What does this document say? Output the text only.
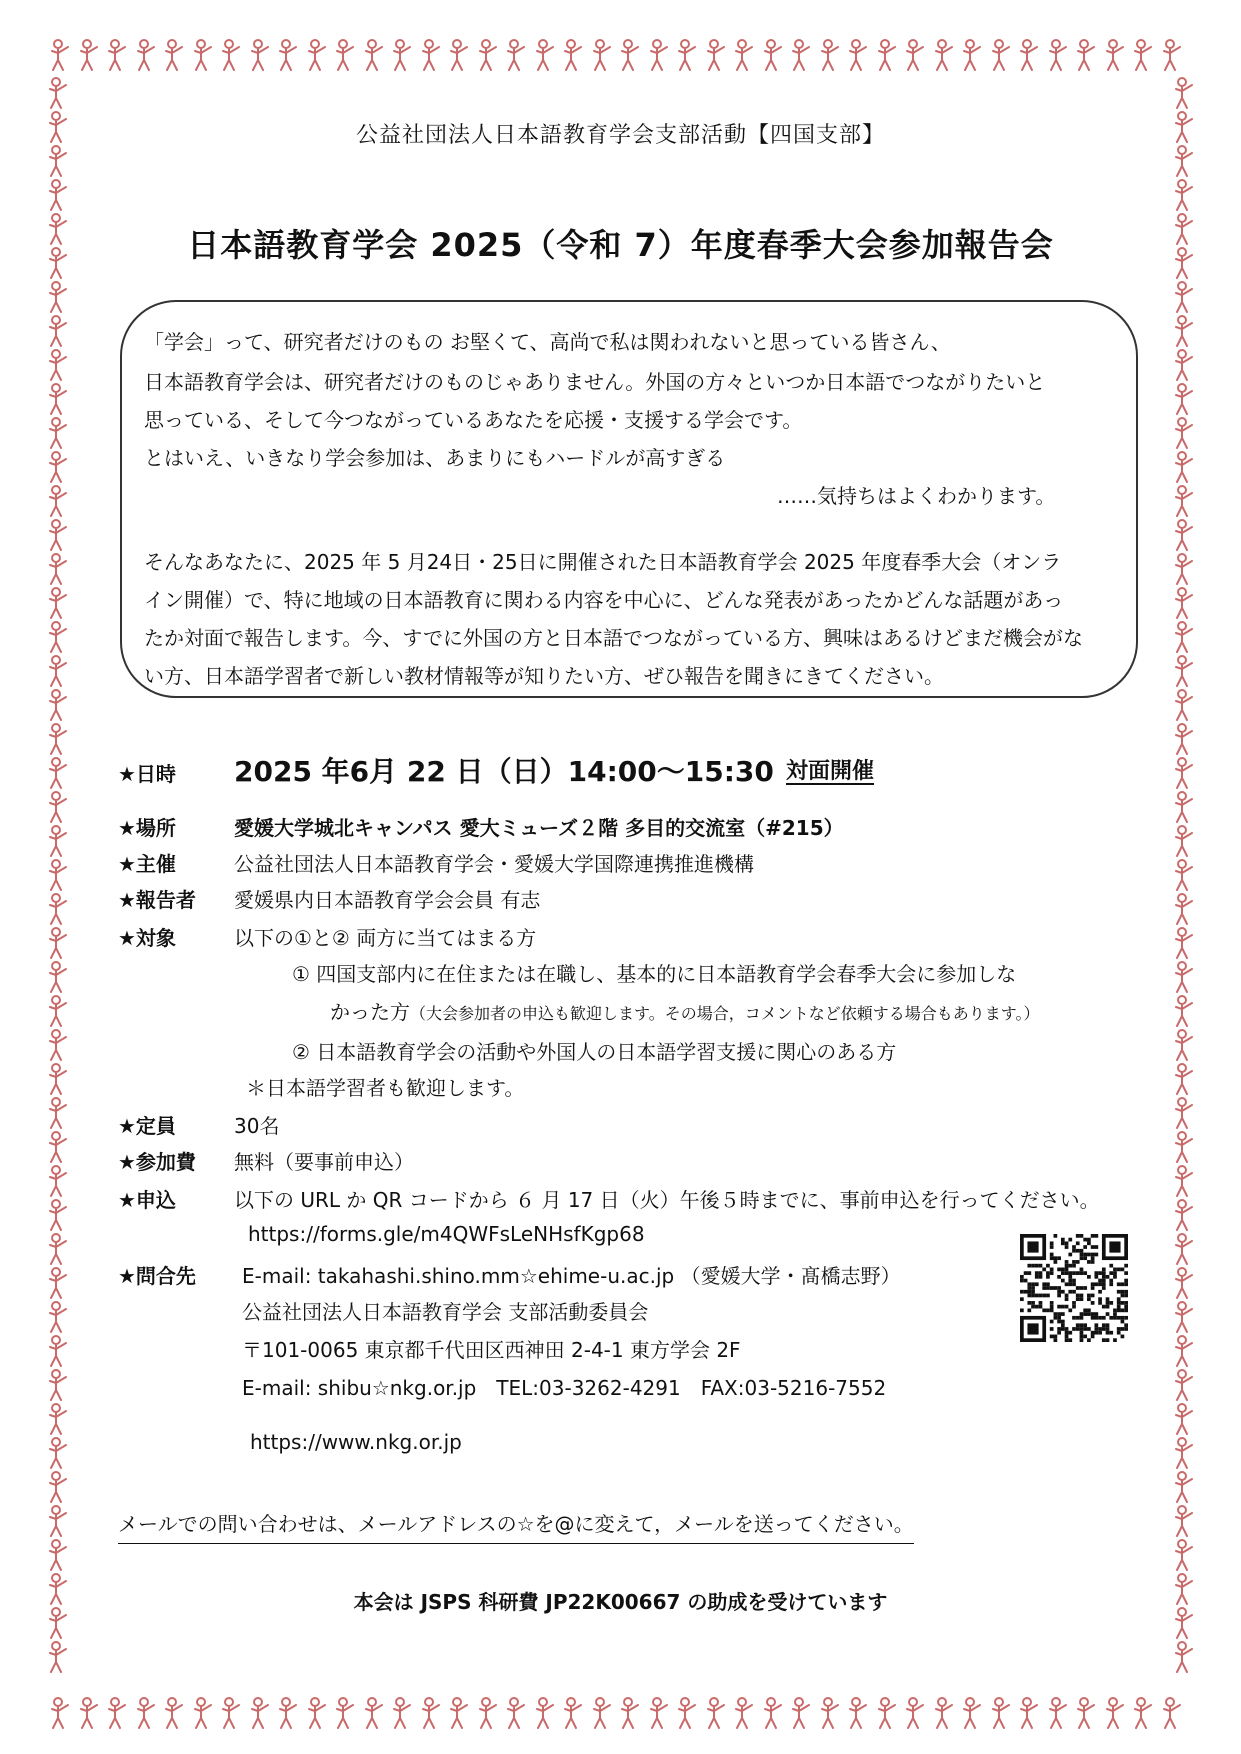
公益社団法人日本語教育学会支部活動【四国支部】
日本語教育学会 2025（令和 7）年度春季大会参加報告会
「学会」って、研究者だけのもの お堅くて、高尚で私は関われないと思っている皆さん、
日本語教育学会は、研究者だけのものじゃありません。外国の方々といつか日本語でつながりたいと
思っている、そして今つながっているあなたを応援・支援する学会です。
とはいえ、いきなり学会参加は、あまりにもハードルが高すぎる
……気持ちはよくわかります。
そんなあなたに、2025 年 5 月24日・25日に開催された日本語教育学会 2025 年度春季大会（オンラ
イン開催）で、特に地域の日本語教育に関わる内容を中心に、どんな発表があったかどんな話題があっ
たか対面で報告します。今、すでに外国の方と日本語でつながっている方、興味はあるけどまだ機会がな
い方、日本語学習者で新しい教材情報等が知りたい方、ぜひ報告を聞きにきてください。
★日時 2025 年6月 22 日（日）14:00～15:30 対面開催
★場所	愛媛大学城北キャンパス 愛大ミューズ２階 多目的交流室（#215）
★主催	公益社団法人日本語教育学会・愛媛大学国際連携推進機構
★報告者 愛媛県内日本語教育学会会員 有志
★対象	以下の①と② 両方に当てはまる方
① 四国支部内に在住または在職し、基本的に日本語教育学会春季大会に参加しな
かった方（大会参加者の申込も歓迎します。その場合，コメントなど依頼する場合もあります。）
② 日本語教育学会の活動や外国人の日本語学習支援に関心のある方
＊日本語学習者も歓迎します。
★定員	30名
★参加費 無料（要事前申込）
★申込	以下の URL か QR コードから ６ 月 17 日（火）午後５時までに、事前申込を行ってください。
https://forms.gle/m4QWFsLeNHsfKgp68
★問合先 E-mail: takahashi.shino.mm☆ehime-u.ac.jp （愛媛大学・髙橋志野）
公益社団法人日本語教育学会 支部活動委員会
〒101-0065 東京都千代田区西神田 2-4-1 東方学会 2F
E-mail: shibu☆nkg.or.jp　TEL:03-3262-4291　FAX:03-5216-7552
https://www.nkg.or.jp
メールでの問い合わせは、メールアドレスの☆を@に変えて，メールを送ってください。
本会は JSPS 科研費 JP22K00667 の助成を受けています
